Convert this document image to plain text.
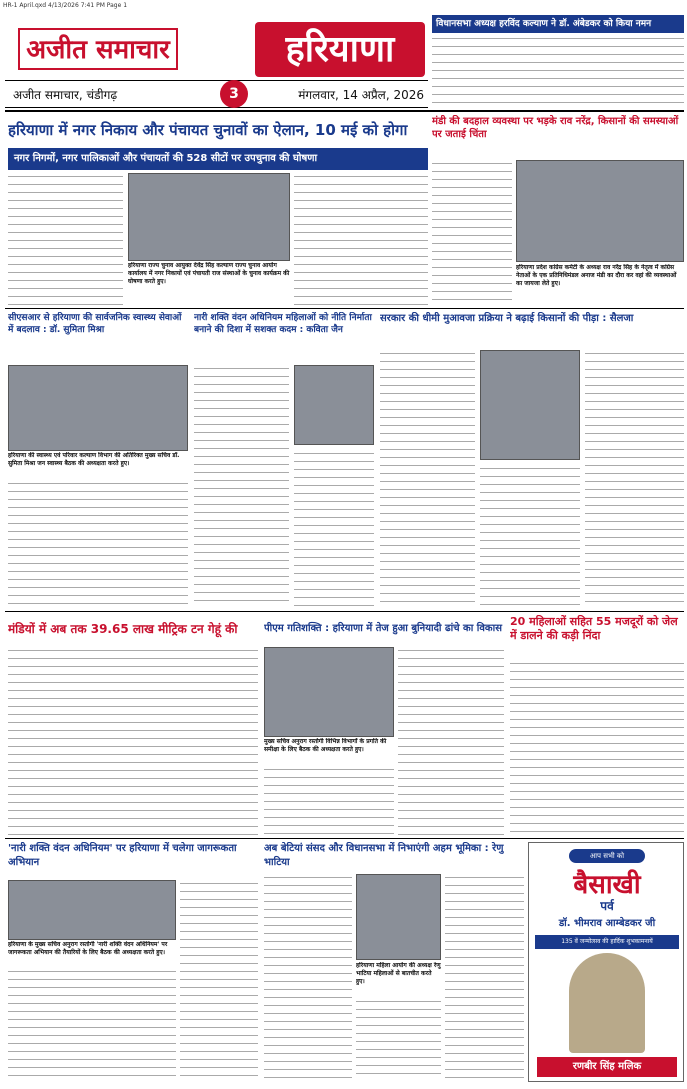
HR-1 April.qxd 4/13/2026 7:41 PM Page 1
अजीत समाचार	हरियाणा
अजीत समाचार, चंडीगढ़	मंगलवार, 14 अप्रैल, 2026
3
विधानसभा अध्यक्ष हरविंद कल्याण ने डॉ. अंबेडकर को किया नमन
हरियाणा में नगर निकाय और पंचायत चुनावों का ऐलान, 10 मई को होगा
नगर निगमों, नगर पालिकाओं और पंचायतों की 528 सीटों पर उपचुनाव की घोषणा
हरियाणा राज्य चुनाव आयुक्त देवेंद्र सिंह कल्याण राज्य चुनाव आयोग कार्यालय में नगर निकायों एवं पंचायती राज संस्थाओं के चुनाव कार्यक्रम की घोषणा करते हुए।
मंडी की बदहाल व्यवस्था पर भड़के राव नरेंद्र, किसानों की समस्याओं पर जताई चिंता
हरियाणा प्रदेश कांग्रेस कमेटी के अध्यक्ष राव नरेंद्र सिंह के नेतृत्व में कांग्रेस नेताओं के एक प्रतिनिधिमंडल अनाज मंडी का दौरा कर वहां की व्यवस्थाओं का जायजा लेते हुए।
सीएसआर से हरियाणा की सार्वजनिक स्वास्थ्य सेवाओं में बदलाव : डॉ. सुमिता मिश्रा
हरियाणा की स्वास्थ्य एवं परिवार कल्याण विभाग की अतिरिक्त मुख्य सचिव डॉ. सुमिता मिश्रा जन स्वास्थ्य बैठक की अध्यक्षता करते हुए।
नारी शक्ति वंदन अधिनियम महिलाओं को नीति निर्माता बनाने की दिशा में सशक्त कदम : कविता जैन
सरकार की धीमी मुआवजा प्रक्रिया ने बढ़ाई किसानों की पीड़ा : सैलजा
मंडियों में अब तक 39.65 लाख मीट्रिक टन गेहूं की	पीएम गतिशक्ति : हरियाणा में तेज हुआ बुनियादी ढांचे का विकास
मुख्य सचिव अनुराग रस्तोगी विभिन्न विभागों के प्रगति की समीक्षा के लिए बैठक की अध्यक्षता करते हुए।
20 महिलाओं सहित 55 मजदूरों को जेल में डालने की कड़ी निंदा
'नारी शक्ति वंदन अधिनियम' पर हरियाणा में चलेगा जागरूकता अभियान
हरियाणा के मुख्य सचिव अनुराग रस्तोगी 'नारी शक्ति वंदन अधिनियम' पर जागरूकता अभियान की तैयारियों के लिए बैठक की अध्यक्षता करते हुए।
अब बेटियां संसद और विधानसभा में निभाएंगी अहम भूमिका : रेणु भाटिया
हरियाणा महिला आयोग की अध्यक्ष रेणु भाटिया महिलाओं से बातचीत करते हुए।
आप सभी को
बैसाखी
पर्व
डॉ. भीमराव आम्बेडकर जी
135 वें जन्मोत्सव की हार्दिक शुभकामनायें
रणबीर सिंह मलिक
